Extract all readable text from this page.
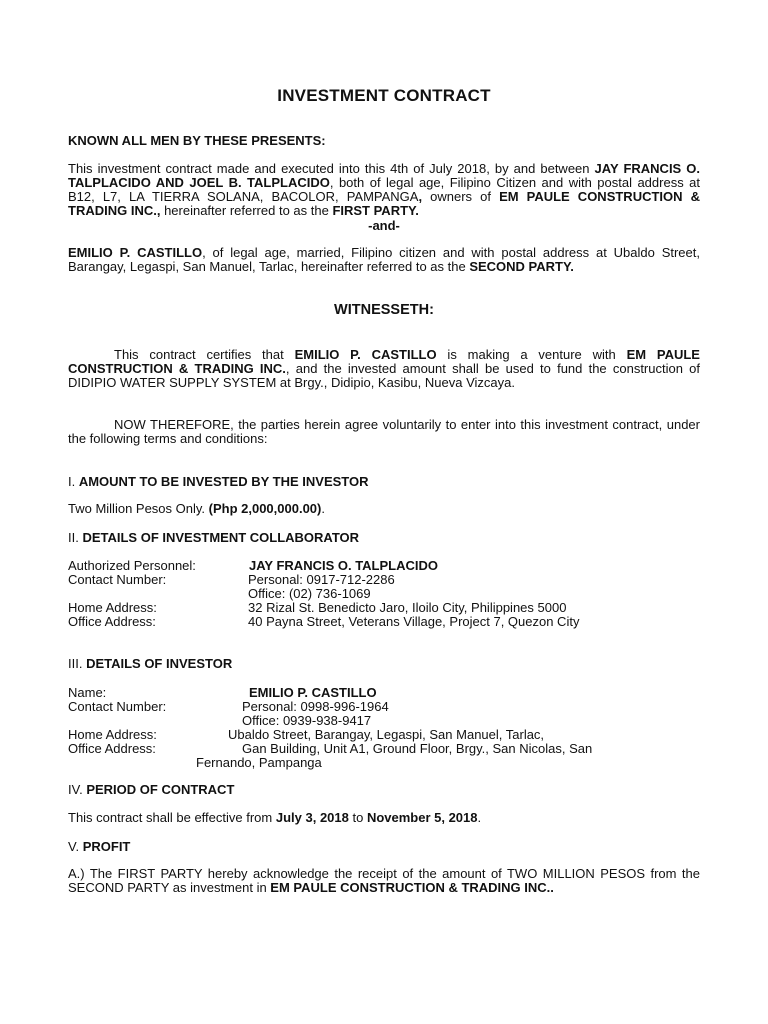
INVESTMENT CONTRACT
KNOWN ALL MEN BY THESE PRESENTS:
This investment contract made and executed into this 4th of July 2018, by and between JAY FRANCIS O. TALPLACIDO AND JOEL B. TALPLACIDO, both of legal age, Filipino Citizen and with postal address at B12, L7, LA TIERRA SOLANA, BACOLOR, PAMPANGA, owners of EM PAULE CONSTRUCTION & TRADING INC., hereinafter referred to as the FIRST PARTY.
-and-
EMILIO P. CASTILLO, of legal age, married, Filipino citizen and with postal address at Ubaldo Street, Barangay, Legaspi, San Manuel, Tarlac, hereinafter referred to as the SECOND PARTY.
WITNESSETH:
This contract certifies that EMILIO P. CASTILLO is making a venture with EM PAULE CONSTRUCTION & TRADING INC., and the invested amount shall be used to fund the construction of DIDIPIO WATER SUPPLY SYSTEM at Brgy., Didipio, Kasibu, Nueva Vizcaya.
NOW THEREFORE, the parties herein agree voluntarily to enter into this investment contract, under the following terms and conditions:
I. AMOUNT TO BE INVESTED BY THE INVESTOR
Two Million Pesos Only. (Php 2,000,000.00).
II. DETAILS OF INVESTMENT COLLABORATOR
Authorized Personnel:	JAY FRANCIS O. TALPLACIDO
Contact Number:	Personal: 0917-712-2286
Office: (02) 736-1069
Home Address:	32 Rizal St. Benedicto Jaro, Iloilo City, Philippines 5000
Office Address:	40 Payna Street, Veterans Village, Project 7, Quezon City
III. DETAILS OF INVESTOR
Name:	EMILIO P. CASTILLO
Contact Number:	Personal: 0998-996-1964
Office: 0939-938-9417
Home Address:	Ubaldo Street, Barangay, Legaspi, San Manuel, Tarlac,
Office Address:	Gan Building, Unit A1, Ground Floor, Brgy., San Nicolas, San
Fernando, Pampanga
IV. PERIOD OF CONTRACT
This contract shall be effective from July 3, 2018 to November 5, 2018.
V. PROFIT
A.) The FIRST PARTY hereby acknowledge the receipt of the amount of TWO MILLION PESOS from the SECOND PARTY as investment in EM PAULE CONSTRUCTION & TRADING INC..
